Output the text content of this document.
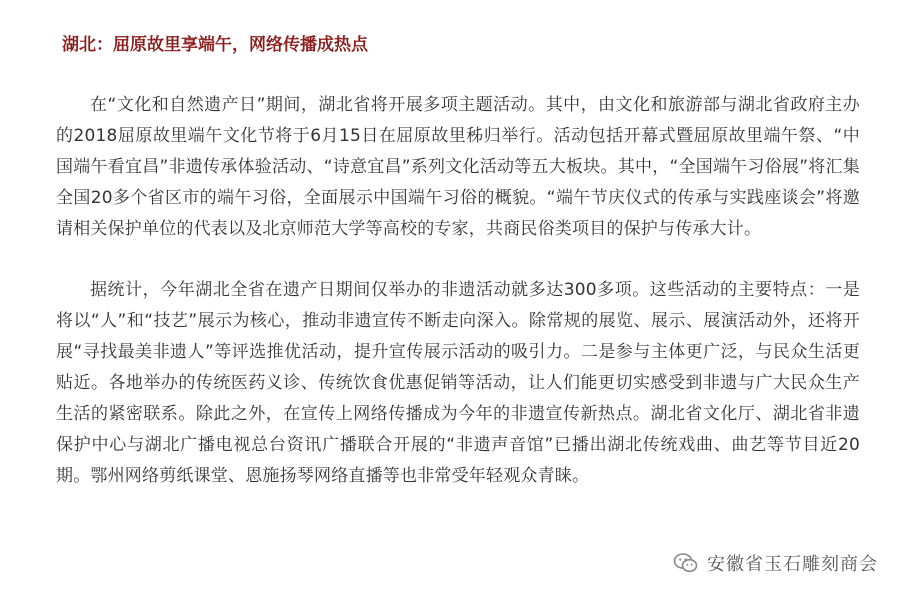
湖北：屈原故里享端午，网络传播成热点

在“文化和自然遗产日”期间，湖北省将开展多项主题活动。其中，由文化和旅游部与湖北省政府主办的2018屈原故里端午文化节将于6月15日在屈原故里秭归举行。活动包括开幕式暨屈原故里端午祭、“中国端午看宜昌”非遗传承体验活动、“诗意宜昌”系列文化活动等五大板块。其中，“全国端午习俗展”将汇集全国20多个省区市的端午习俗，全面展示中国端午习俗的概貌。“端午节庆仪式的传承与实践座谈会”将邀请相关保护单位的代表以及北京师范大学等高校的专家，共商民俗类项目的保护与传承大计。

据统计，今年湖北全省在遗产日期间仅举办的非遗活动就多达300多项。这些活动的主要特点：一是将以“人”和“技艺”展示为核心，推动非遗宣传不断走向深入。除常规的展览、展示、展演活动外，还将开展“寻找最美非遗人”等评选推优活动，提升宣传展示活动的吸引力。二是参与主体更广泛，与民众生活更贴近。各地举办的传统医药义诊、传统饮食优惠促销等活动，让人们能更切实感受到非遗与广大民众生产生活的紧密联系。除此之外，在宣传上网络传播成为今年的非遗宣传新热点。湖北省文化厅、湖北省非遗保护中心与湖北广播电视总台资讯广播联合开展的“非遗声音馆”已播出湖北传统戏曲、曲艺等节目近20期。鄂州网络剪纸课堂、恩施扬琴网络直播等也非常受年轻观众青睐。

安徽省玉石雕刻商会
